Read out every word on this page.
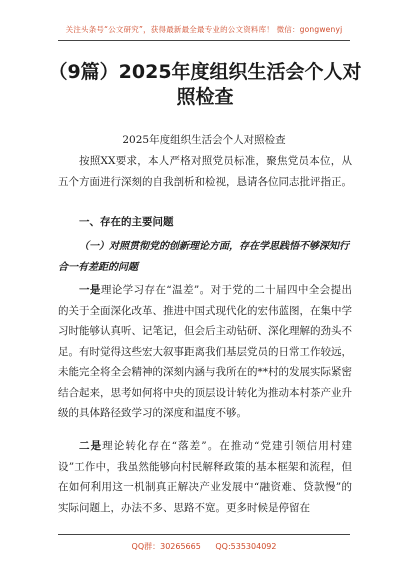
关注头条号“公文研究”，获得最新最全最专业的公文资料库！ 微信：gongwenyj
（9篇）2025年度组织生活会个人对照检查
2025年度组织生活会个人对照检查
按照XX要求，本人严格对照党员标准，聚焦党员本位，从五个方面进行深刻的自我剖析和检视，恳请各位同志批评指正。
一、存在的主要问题
（一）对照贯彻党的创新理论方面，存在学思践悟不够深知行合一有差距的问题
一是理论学习存在“温差”。对于党的二十届四中全会提出的关于全面深化改革、推进中国式现代化的宏伟蓝图，在集中学习时能够认真听、记笔记，但会后主动钻研、深化理解的劲头不足。有时觉得这些宏大叙事距离我们基层党员的日常工作较远，未能完全将全会精神的深刻内涵与我所在的**村的发展实际紧密结合起来，思考如何将中央的顶层设计转化为推动本村茶产业升级的具体路径致学习的深度和温度不够。
二是理论转化存在“落差”。在推动“党建引领信用村建设”工作中，我虽然能够向村民解释政策的基本框架和流程，但在如何利用这一机制真正解决产业发展中“融资难、贷款慢”的实际问题上，办法不多、思路不宽。更多时候是停留在
QQ群：30265665 QQ:535304092
